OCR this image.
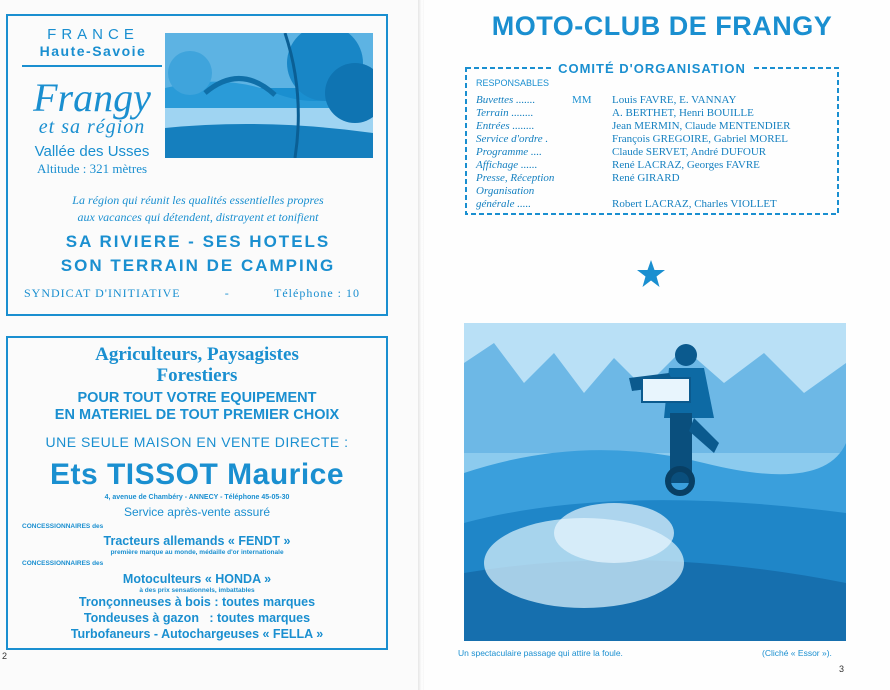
FRANCE
Haute-Savoie
Frangy
et sa région
Vallée des Usses
Altitude : 321 mètres
La région qui réunit les qualités essentielles propres
aux vacances qui détendent, distrayent et tonifient
SA RIVIERE - SES HOTELS
SON TERRAIN DE CAMPING
SYNDICAT D'INITIATIVE	-	Téléphone : 10
Agriculteurs, Paysagistes
Forestiers
POUR TOUT VOTRE EQUIPEMENT
EN MATERIEL DE TOUT PREMIER CHOIX
UNE SEULE MAISON EN VENTE DIRECTE :
Ets TISSOT Maurice
4, avenue de Chambéry - ANNECY - Téléphone 45-05-30
Service après-vente assuré
CONCESSIONNAIRES des
Tracteurs allemands « FENDT »
première marque au monde, médaille d'or internationale
CONCESSIONNAIRES des
Motoculteurs « HONDA »
à des prix sensationnels, imbattables
Tronçonneuses à bois : toutes marques
Tondeuses à gazon   : toutes marques
Turbofaneurs - Autochargeuses « FELLA »
2
MOTO-CLUB DE FRANGY
COMITÉ D'ORGANISATION
RESPONSABLES
MM
Buvettes .......	Louis FAVRE, E. VANNAY
Terrain ........	A. BERTHET, Henri BOUILLE
Entrées ........	Jean MERMIN, Claude MENTENDIER
Service d'ordre .	François GREGOIRE, Gabriel MOREL
Programme ....	Claude SERVET, André DUFOUR
Affichage ......	René LACRAZ, Georges FAVRE
Presse, Réception	René GIRARD
Organisation
générale .....	Robert LACRAZ, Charles VIOLLET
Un spectaculaire passage qui attire la foule.	(Cliché « Essor »).
3
